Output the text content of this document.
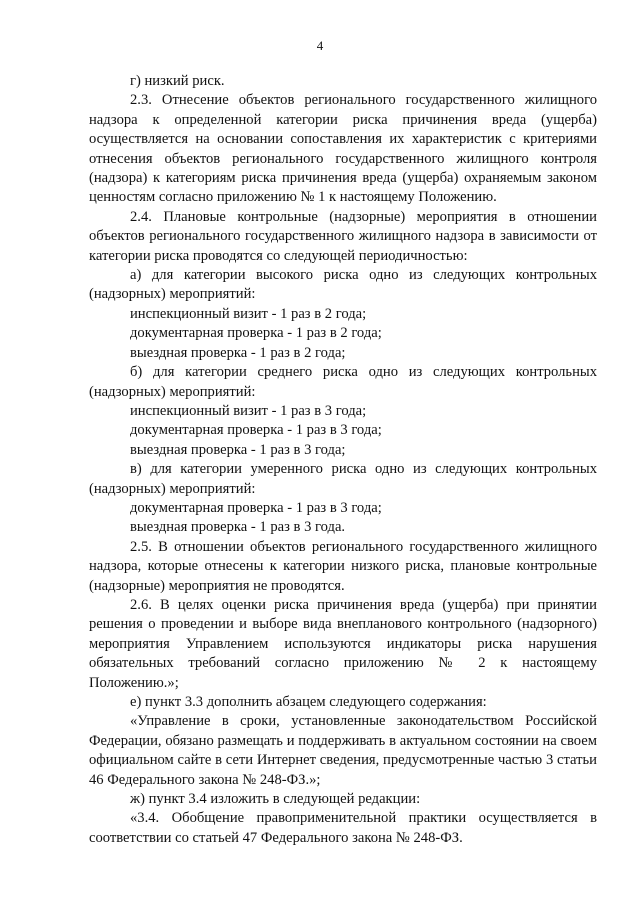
4

г) низкий риск.

2.3. Отнесение объектов регионального государственного жилищного надзора к определенной категории риска причинения вреда (ущерба) осуществляется на основании сопоставления их характеристик с критериями отнесения объектов регионального государственного жилищного контроля (надзора) к категориям риска причинения вреда (ущерба) охраняемым законом ценностям согласно приложению № 1 к настоящему Положению.

2.4. Плановые контрольные (надзорные) мероприятия в отношении объектов регионального государственного жилищного надзора в зависимости от категории риска проводятся со следующей периодичностью:

а) для категории высокого риска одно из следующих контрольных (надзорных) мероприятий:

инспекционный визит - 1 раз в 2 года;

документарная проверка - 1 раз в 2 года;

выездная проверка - 1 раз в 2 года;

б) для категории среднего риска одно из следующих контрольных (надзорных) мероприятий:

инспекционный визит - 1 раз в 3 года;

документарная проверка - 1 раз в 3 года;

выездная проверка - 1 раз в 3 года;

в) для категории умеренного риска одно из следующих контрольных (надзорных) мероприятий:

документарная проверка - 1 раз в 3 года;

выездная проверка - 1 раз в 3 года.

2.5. В отношении объектов регионального государственного жилищного надзора, которые отнесены к категории низкого риска, плановые контрольные (надзорные) мероприятия не проводятся.

2.6. В целях оценки риска причинения вреда (ущерба) при принятии решения о проведении и выборе вида внепланового контрольного (надзорного) мероприятия Управлением используются индикаторы риска нарушения обязательных требований согласно приложению № 2 к настоящему Положению.»;

е) пункт 3.3 дополнить абзацем следующего содержания:

«Управление в сроки, установленные законодательством Российской Федерации, обязано размещать и поддерживать в актуальном состоянии на своем официальном сайте в сети Интернет сведения, предусмотренные частью 3 статьи 46 Федерального закона № 248-ФЗ.»;

ж) пункт 3.4 изложить в следующей редакции:

«3.4. Обобщение правоприменительной практики осуществляется в соответствии со статьей 47 Федерального закона № 248-ФЗ.
